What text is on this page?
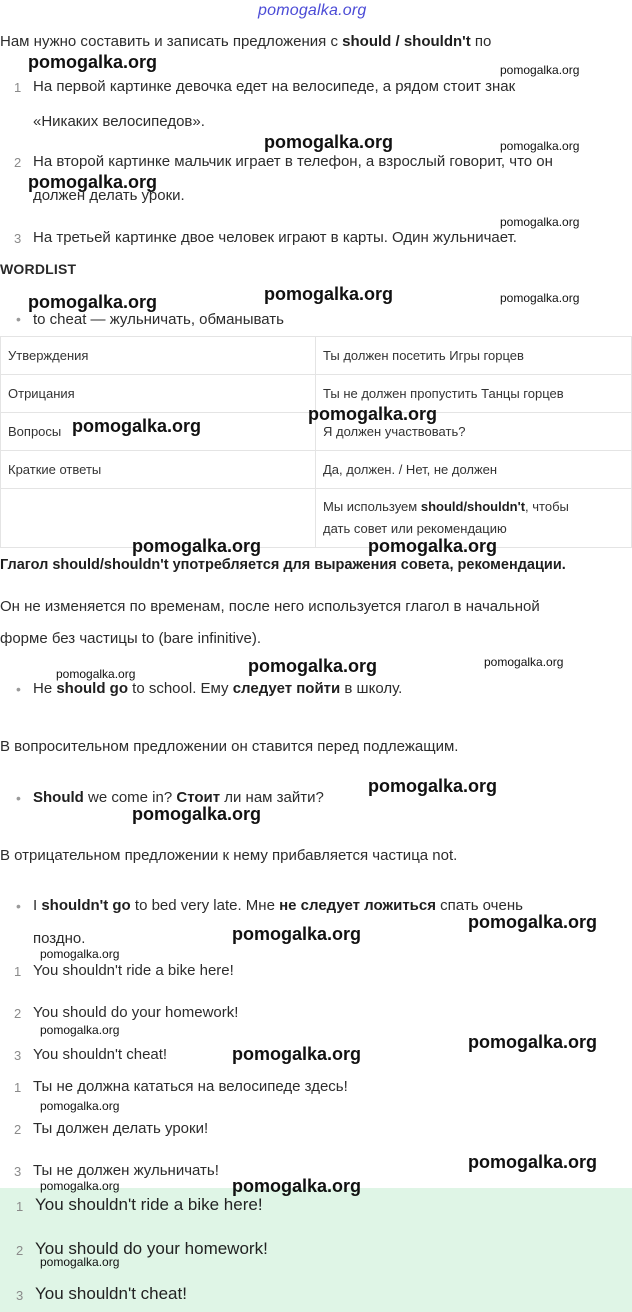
pomogalka.org
Нам нужно составить и записать предложения с should / shouldn't по
1 На первой картинке девочка едет на велосипеде, а рядом стоит знак
«Никаких велосипедов».
2 На второй картинке мальчик играет в телефон, а взрослый говорит, что он
должен делать уроки.
3 На третьей картинке двое человек играют в карты. Один жульничает.
WORDLIST
• to cheat — жульничать, обманывать
Утверждения	Ты должен посетить Игры горцев
Отрицания	Ты не должен пропустить Танцы горцев
Вопросы	Я должен участвовать?
Краткие ответы	Да, должен. / Нет, не должен
	Мы используем should/shouldn't, чтобы
дать совет или рекомендацию
Глагол should/shouldn't употребляется для выражения совета, рекомендации.
Он не изменяется по временам, после него используется глагол в начальной
форме без частицы to (bare infinitive).
• He should go to school. Ему следует пойти в школу.
В вопросительном предложении он ставится перед подлежащим.
• Should we come in? Стоит ли нам зайти?
В отрицательном предложении к нему прибавляется частица not.
• I shouldn't go to bed very late. Мне не следует ложиться спать очень
поздно.
1 You shouldn't ride a bike here!
2 You should do your homework!
3 You shouldn't cheat!
1 Ты не должна кататься на велосипеде здесь!
2 Ты должен делать уроки!
3 Ты не должен жульничать!
1 You shouldn't ride a bike here!
2 You should do your homework!
3 You shouldn't cheat!
pomogalka.org	pomogalka.org
pomogalka.org	pomogalka.org
pomogalka.org
pomogalka.org
pomogalka.org	pomogalka.org
pomogalka.org
pomogalka.org
pomogalka.org
pomogalka.org	pomogalka.org
pomogalka.org	pomogalka.org
pomogalka.org
pomogalka.org
pomogalka.org
pomogalka.org
pomogalka.org
pomogalka.org
pomogalka.org
pomogalka.org
pomogalka.org
pomogalka.org
pomogalka.org
pomogalka.org	pomogalka.org
pomogalka.org
